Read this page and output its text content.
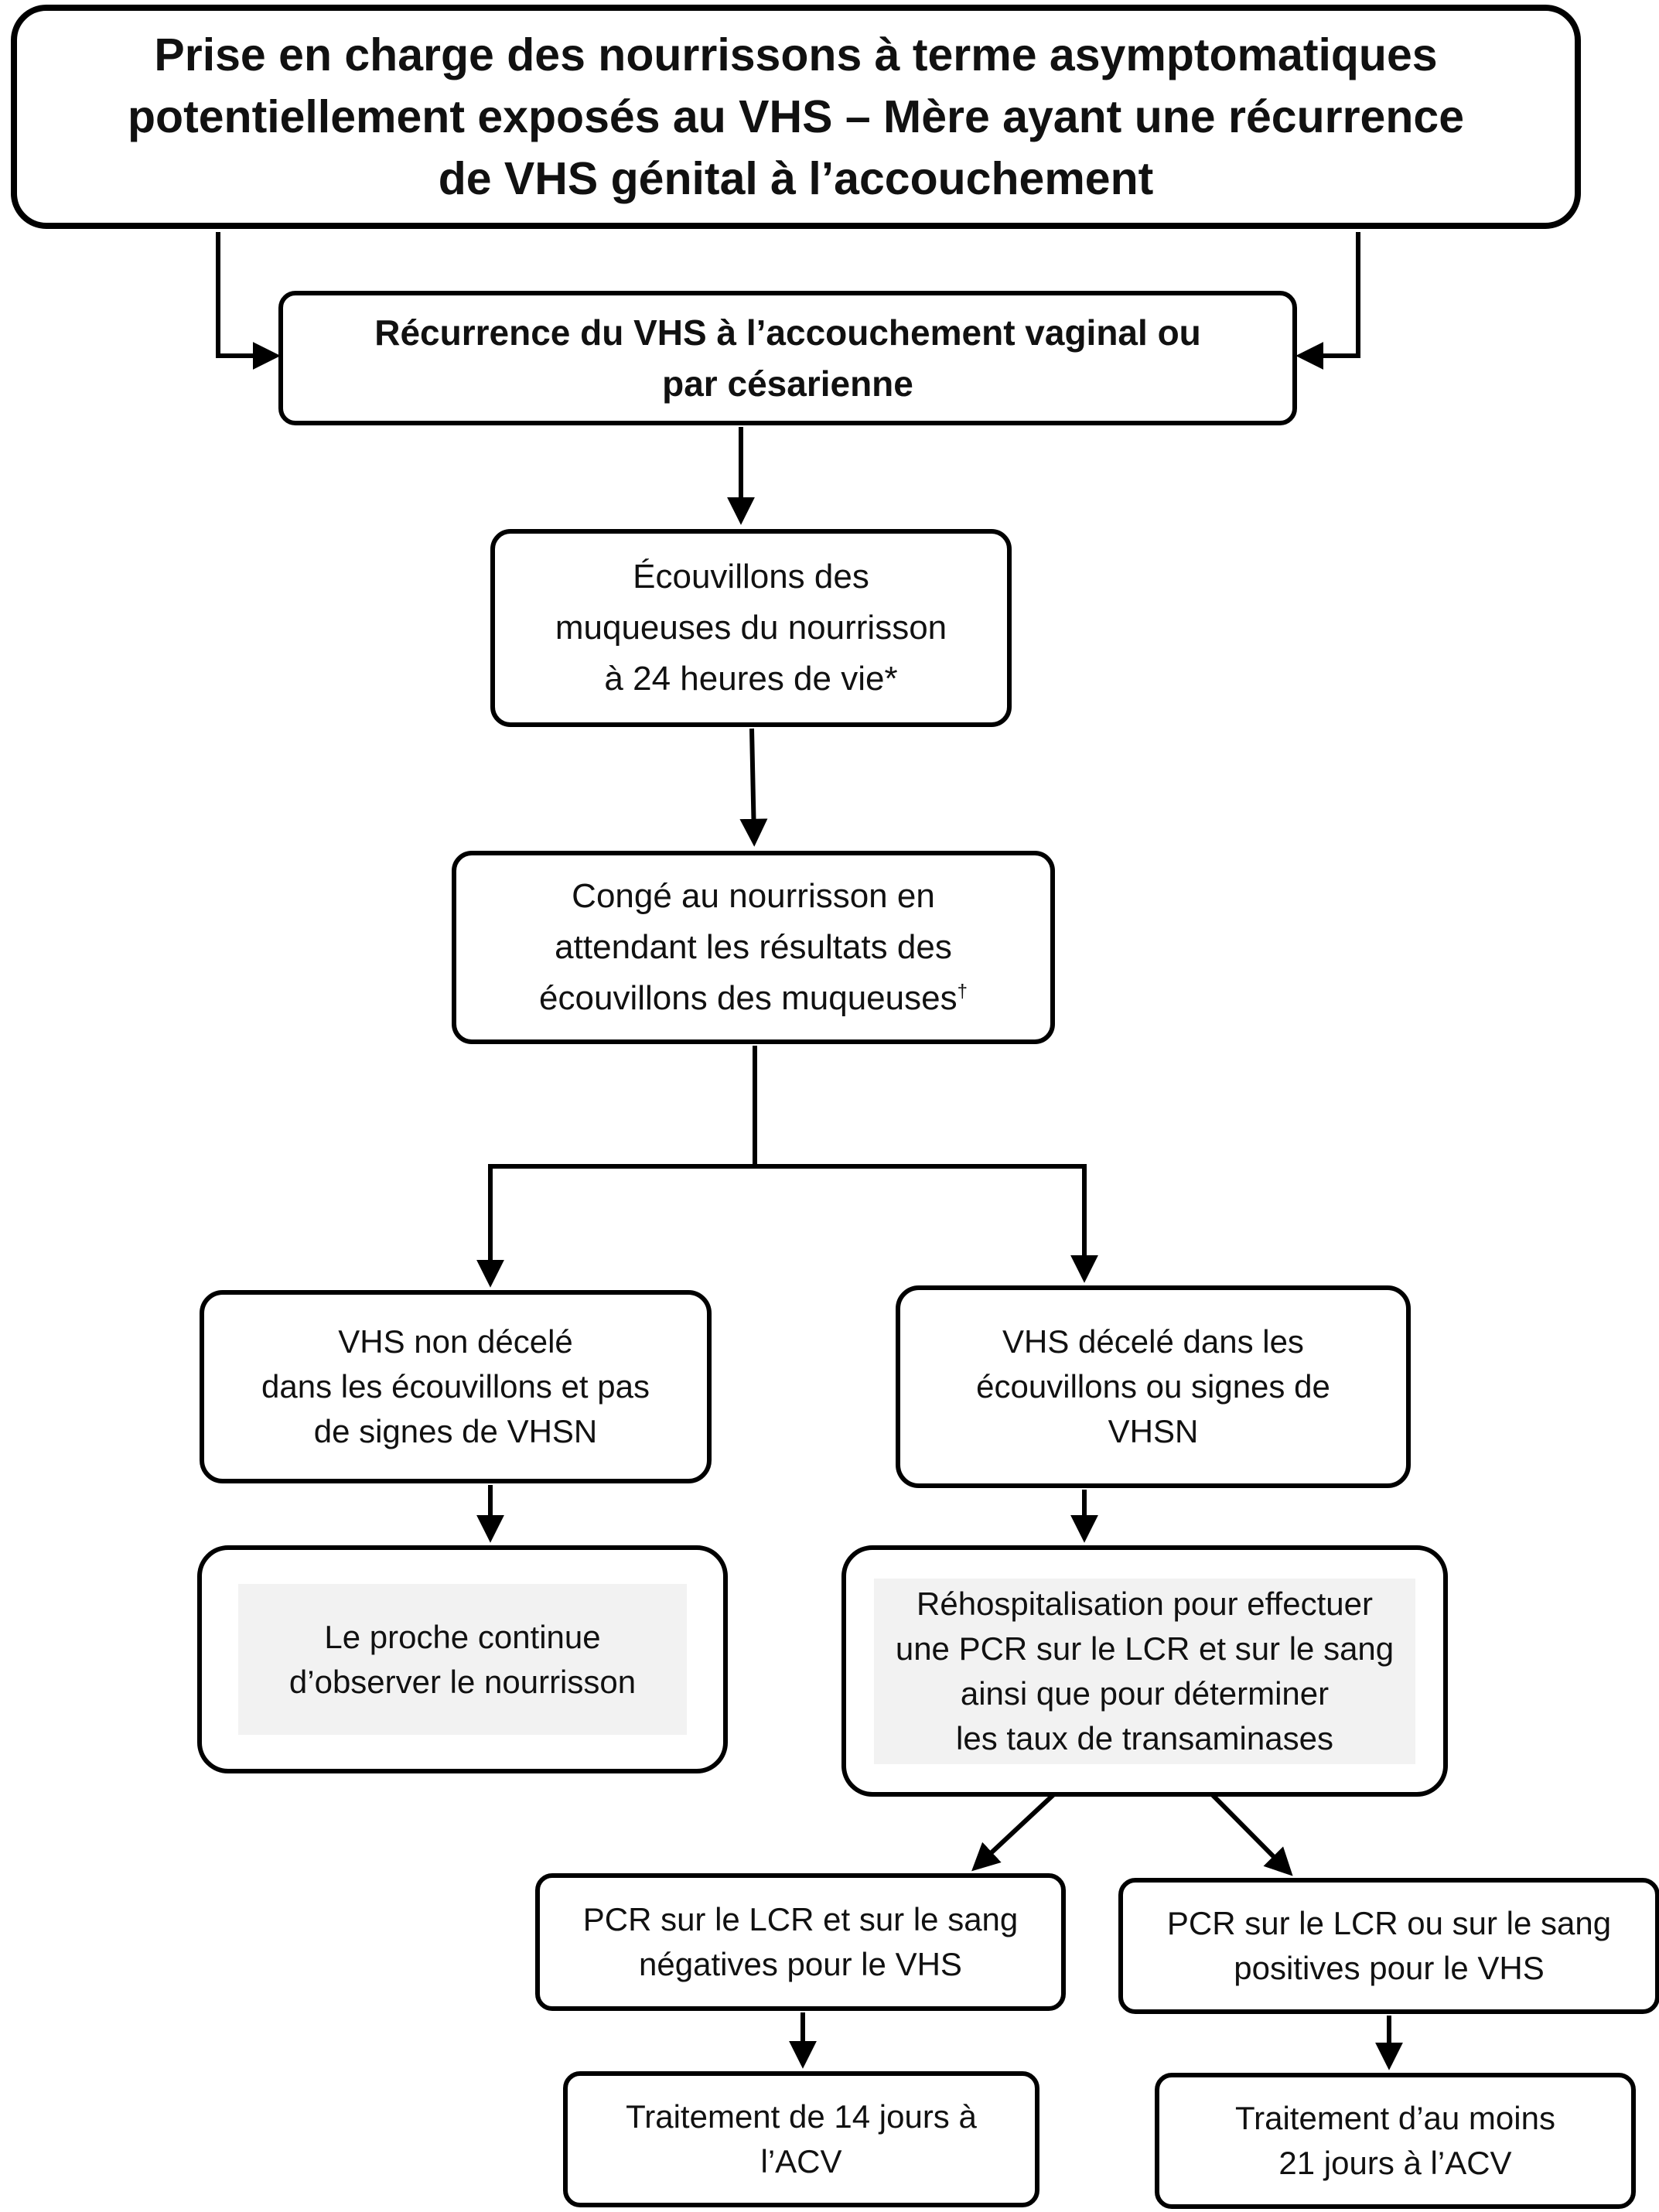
Prise en charge des nourrissons à terme asymptomatiques
potentiellement exposés au VHS – Mère ayant une récurrence
de VHS génital à l’accouchement
Récurrence du VHS à l’accouchement vaginal ou
par césarienne
Écouvillons des
muqueuses du nourrisson
à 24 heures de vie*
Congé au nourrisson en
attendant les résultats des
écouvillons des muqueuses†
VHS non décelé
dans les écouvillons et pas
de signes de VHSN
VHS décelé dans les
écouvillons ou signes de
VHSN
Le proche continue
d’observer le nourrisson
Réhospitalisation pour effectuer
une PCR sur le LCR et sur le sang
ainsi que pour déterminer
les taux de transaminases
PCR sur le LCR et sur le sang
négatives pour le VHS
PCR sur le LCR ou sur le sang
positives pour le VHS
Traitement de 14 jours à
l’ACV
Traitement d’au moins
21 jours à l’ACV
